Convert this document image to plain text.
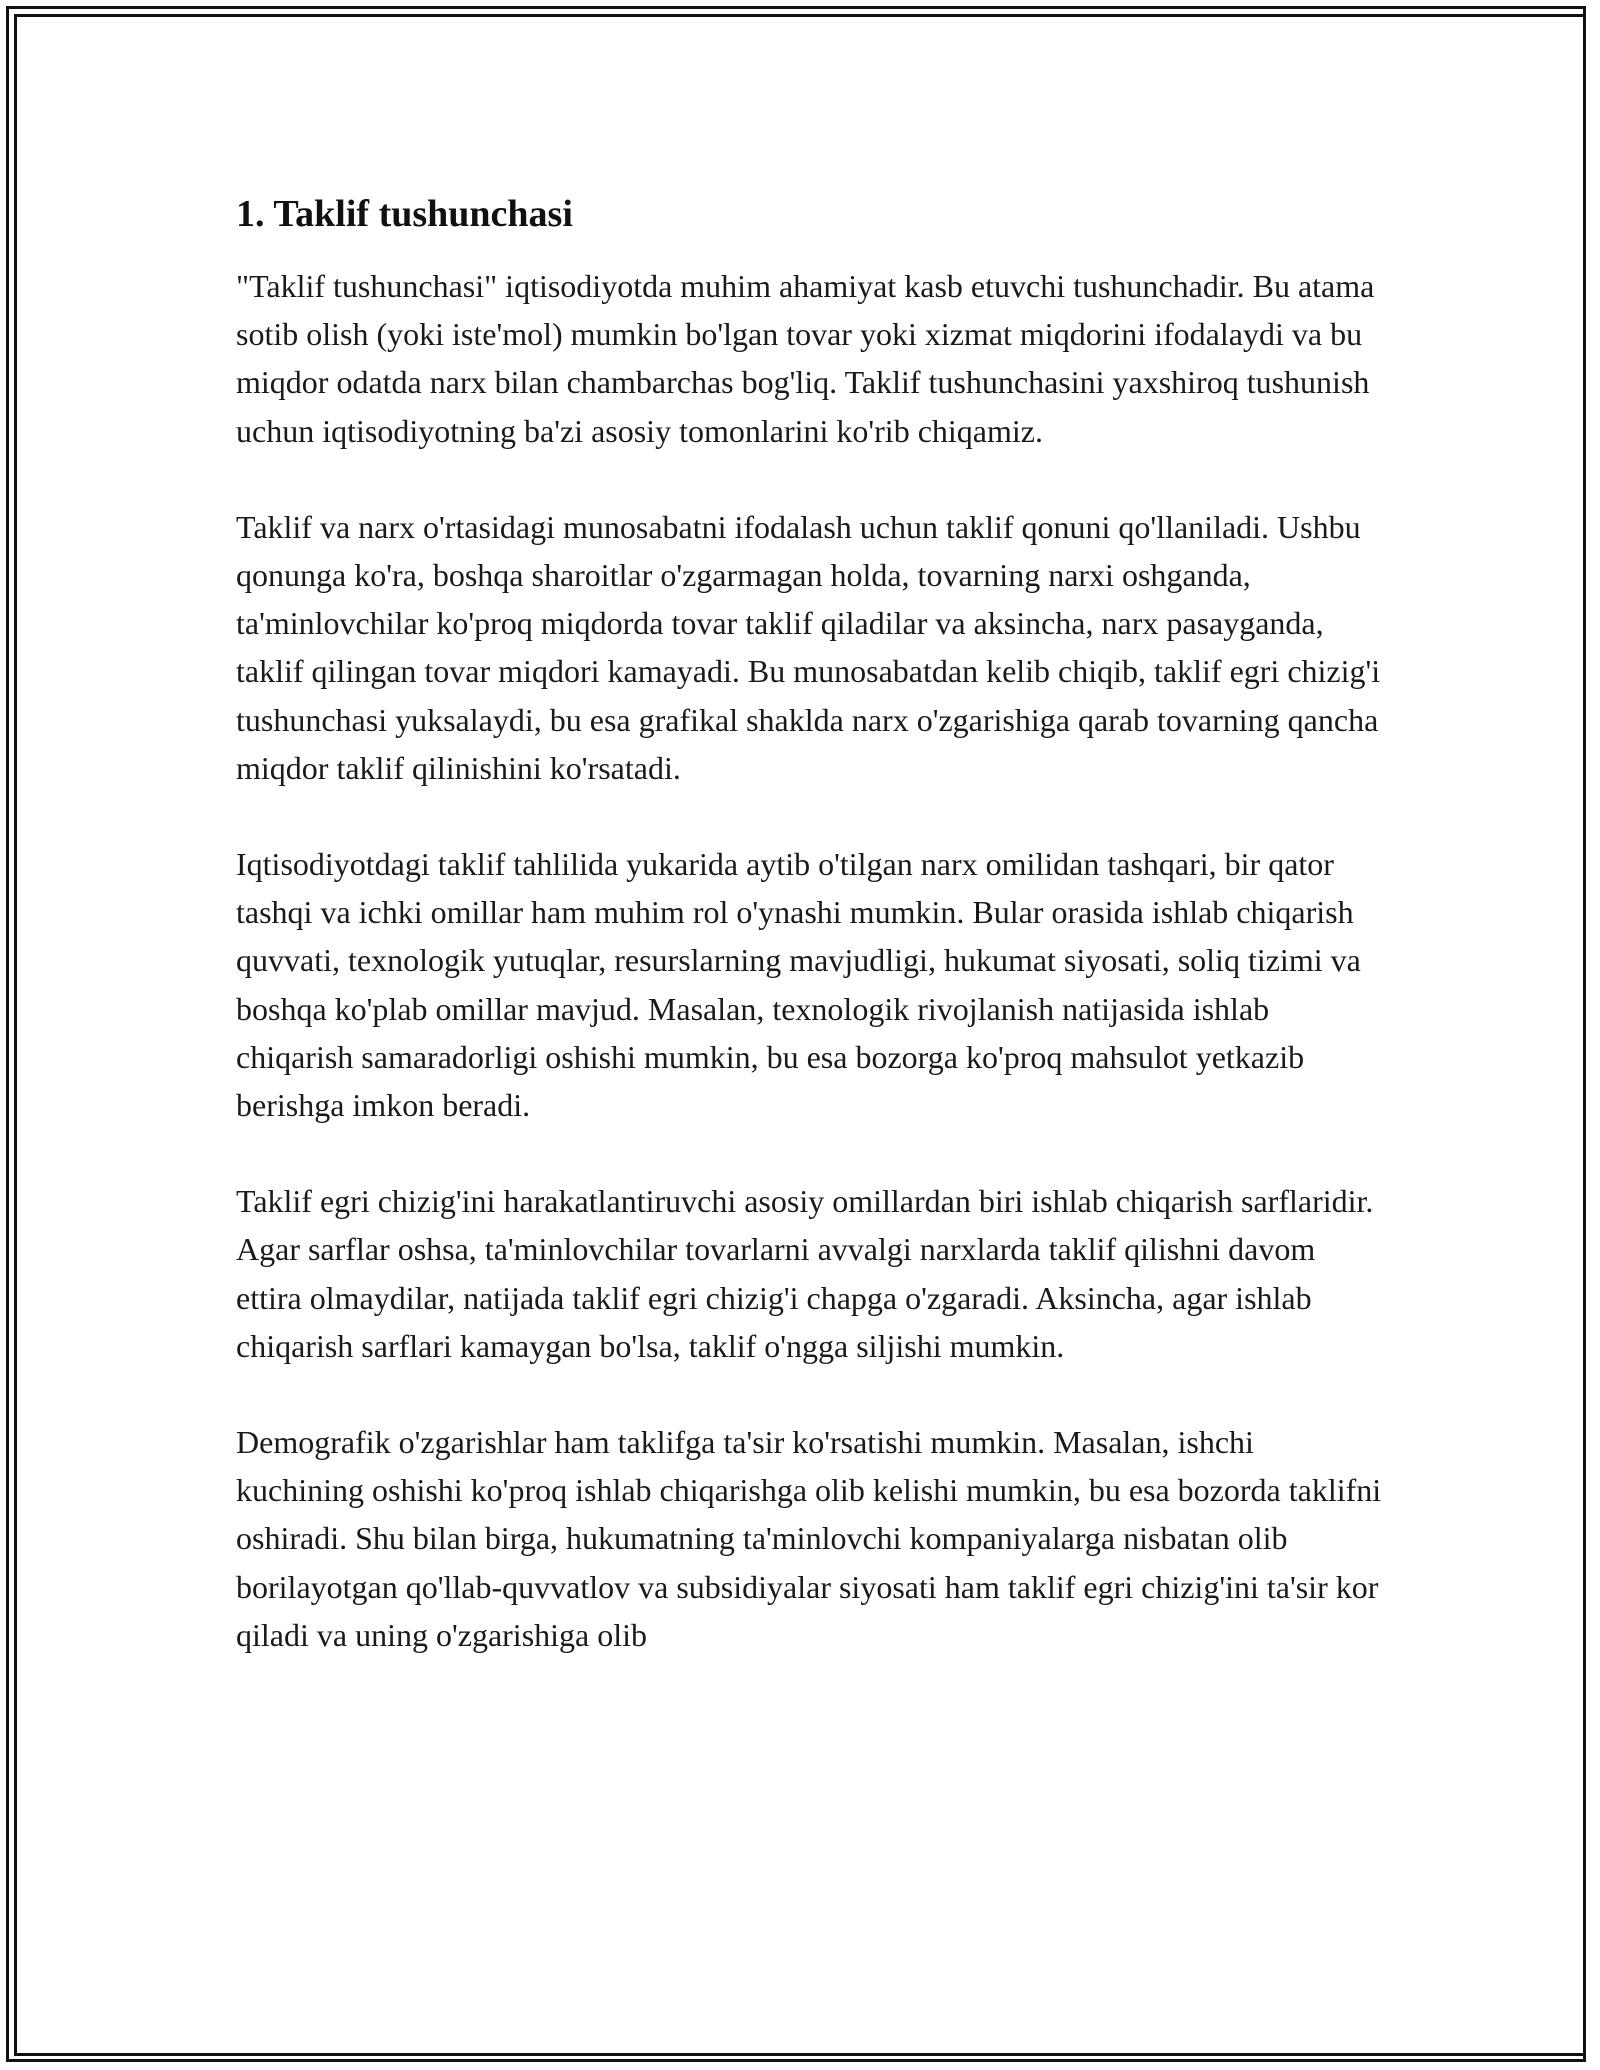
1. Taklif tushunchasi

"Taklif tushunchasi" iqtisodiyotda muhim ahamiyat kasb etuvchi tushunchadir. Bu atama sotib olish (yoki iste'mol) mumkin bo'lgan tovar yoki xizmat miqdorini ifodalaydi va bu miqdor odatda narx bilan chambarchas bog'liq. Taklif tushunchasini yaxshiroq tushunish uchun iqtisodiyotning ba'zi asosiy tomonlarini ko'rib chiqamiz.

Taklif va narx o'rtasidagi munosabatni ifodalash uchun taklif qonuni qo'llaniladi. Ushbu qonunga ko'ra, boshqa sharoitlar o'zgarmagan holda, tovarning narxi oshganda, ta'minlovchilar ko'proq miqdorda tovar taklif qiladilar va aksincha, narx pasayganda, taklif qilingan tovar miqdori kamayadi. Bu munosabatdan kelib chiqib, taklif egri chizig'i tushunchasi yuksalaydi, bu esa grafikal shaklda narx o'zgarishiga qarab tovarning qancha miqdor taklif qilinishini ko'rsatadi.

Iqtisodiyotdagi taklif tahlilida yukarida aytib o'tilgan narx omilidan tashqari, bir qator tashqi va ichki omillar ham muhim rol o'ynashi mumkin. Bular orasida ishlab chiqarish quvvati, texnologik yutuqlar, resurslarning mavjudligi, hukumat siyosati, soliq tizimi va boshqa ko'plab omillar mavjud. Masalan, texnologik rivojlanish natijasida ishlab chiqarish samaradorligi oshishi mumkin, bu esa bozorga ko'proq mahsulot yetkazib berishga imkon beradi.

Taklif egri chizig'ini harakatlantiruvchi asosiy omillardan biri ishlab chiqarish sarflaridir. Agar sarflar oshsa, ta'minlovchilar tovarlarni avvalgi narxlarda taklif qilishni davom ettira olmaydilar, natijada taklif egri chizig'i chapga o'zgaradi. Aksincha, agar ishlab chiqarish sarflari kamaygan bo'lsa, taklif o'ngga siljishi mumkin.

Demografik o'zgarishlar ham taklifga ta'sir ko'rsatishi mumkin. Masalan, ishchi kuchining oshishi ko'proq ishlab chiqarishga olib kelishi mumkin, bu esa bozorda taklifni oshiradi. Shu bilan birga, hukumatning ta'minlovchi kompaniyalarga nisbatan olib borilayotgan qo'llab-quvvatlov va subsidiyalar siyosati ham taklif egri chizig'ini ta'sir kor qiladi va uning o'zgarishiga olib
